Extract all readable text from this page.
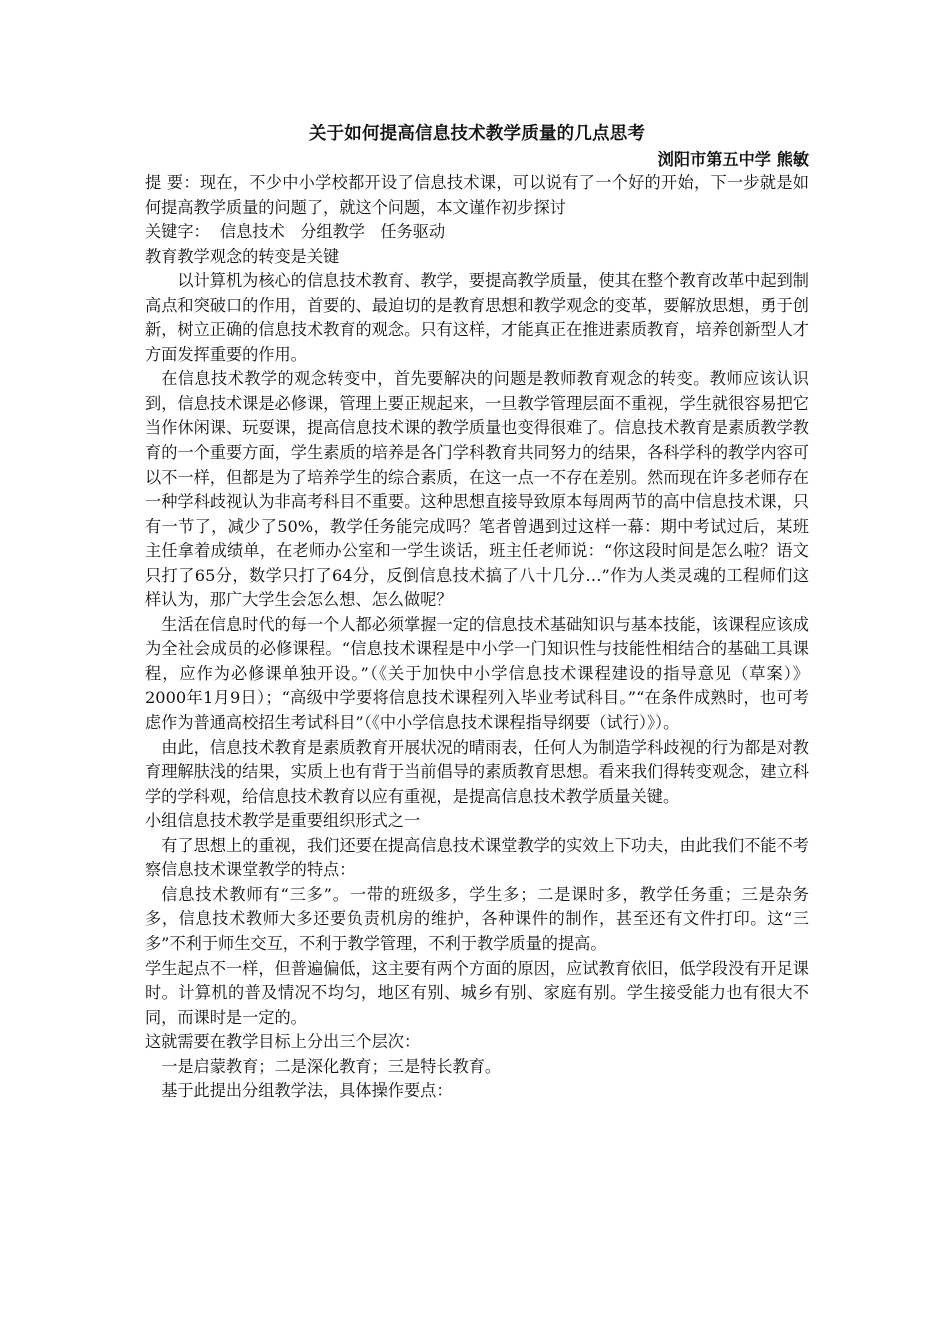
关于如何提高信息技术教学质量的几点思考

浏阳市第五中学 熊敏

提 要：现在，不少中小学校都开设了信息技术课，可以说有了一个好的开始，下一步就是如何提高教学质量的问题了，就这个问题，本文谨作初步探讨

关键字：  信息技术   分组教学   任务驱动

教育教学观念的转变是关键

以计算机为核心的信息技术教育、教学，要提高教学质量，使其在整个教育改革中起到制高点和突破口的作用，首要的、最迫切的是教育思想和教学观念的变革，要解放思想，勇于创新，树立正确的信息技术教育的观念。只有这样，才能真正在推进素质教育，培养创新型人才方面发挥重要的作用。

在信息技术教学的观念转变中，首先要解决的问题是教师教育观念的转变。教师应该认识到，信息技术课是必修课，管理上要正规起来，一旦教学管理层面不重视，学生就很容易把它当作休闲课、玩耍课，提高信息技术课的教学质量也变得很难了。信息技术教育是素质教学教育的一个重要方面，学生素质的培养是各门学科教育共同努力的结果，各科学科的教学内容可以不一样，但都是为了培养学生的综合素质，在这一点一不存在差别。然而现在许多老师存在一种学科歧视认为非高考科目不重要。这种思想直接导致原本每周两节的高中信息技术课，只有一节了，减少了50%，教学任务能完成吗？笔者曾遇到过这样一幕：期中考试过后，某班主任拿着成绩单，在老师办公室和一学生谈话，班主任老师说：“你这段时间是怎么啦？语文只打了65分，数学只打了64分，反倒信息技术搞了八十几分…”作为人类灵魂的工程师们这样认为，那广大学生会怎么想、怎么做呢？

生活在信息时代的每一个人都必须掌握一定的信息技术基础知识与基本技能，该课程应该成为全社会成员的必修课程。“信息技术课程是中小学一门知识性与技能性相结合的基础工具课程，应作为必修课单独开设。”（《关于加快中小学信息技术课程建设的指导意见（草案）》2000年1月9日）；“高级中学要将信息技术课程列入毕业考试科目。”“在条件成熟时，也可考虑作为普通高校招生考试科目”（《中小学信息技术课程指导纲要（试行）》）。

由此，信息技术教育是素质教育开展状况的晴雨表，任何人为制造学科歧视的行为都是对教育理解肤浅的结果，实质上也有背于当前倡导的素质教育思想。看来我们得转变观念，建立科学的学科观，给信息技术教育以应有重视，是提高信息技术教学质量关键。

小组信息技术教学是重要组织形式之一

有了思想上的重视，我们还要在提高信息技术课堂教学的实效上下功夫，由此我们不能不考察信息技术课堂教学的特点：

信息技术教师有“三多”。一带的班级多，学生多；二是课时多，教学任务重；三是杂务多，信息技术教师大多还要负责机房的维护，各种课件的制作，甚至还有文件打印。这“三多”不利于师生交互，不利于教学管理，不利于教学质量的提高。

学生起点不一样，但普遍偏低，这主要有两个方面的原因，应试教育依旧，低学段没有开足课时。计算机的普及情况不均匀，地区有别、城乡有别、家庭有别。学生接受能力也有很大不同，而课时是一定的。

这就需要在教学目标上分出三个层次：

一是启蒙教育；二是深化教育；三是特长教育。

基于此提出分组教学法，具体操作要点：
